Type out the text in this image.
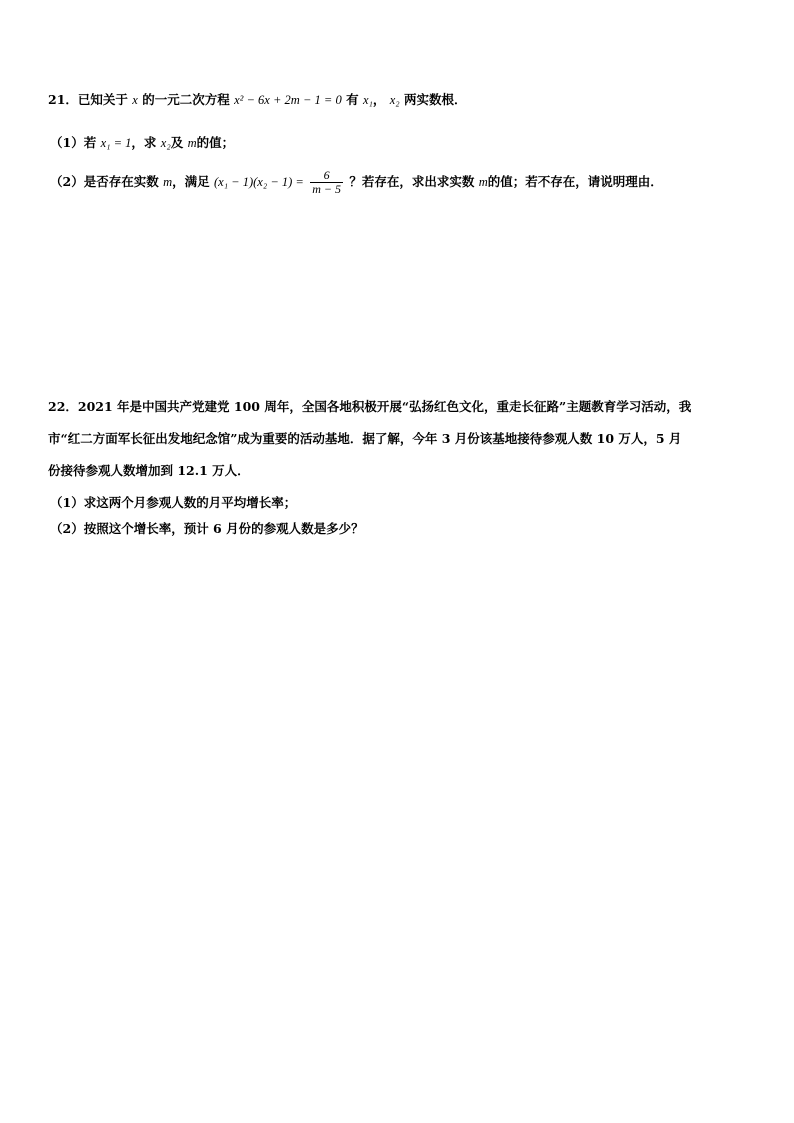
21．已知关于 x 的一元二次方程 x² − 6x + 2m − 1 = 0 有 x₁， x₂ 两实数根．
（1）若 x₁ = 1，求 x₂及 m的值；
（2）是否存在实数 m，满足 $(x_1 - 1)(x_2 - 1) = \frac{6}{m - 5}$ ？若存在，求出求实数 m的值；若不存在，请说明理由．
22．2021 年是中国共产党建党 100 周年，全国各地积极开展“弘扬红色文化，重走长征路”主题教育学习活动，我
市“红二方面军长征出发地纪念馆”成为重要的活动基地．据了解，今年 3 月份该基地接待参观人数 10 万人，5 月
份接待参观人数增加到 12.1 万人．
（1）求这两个月参观人数的月平均增长率；
（2）按照这个增长率，预计 6 月份的参观人数是多少？
